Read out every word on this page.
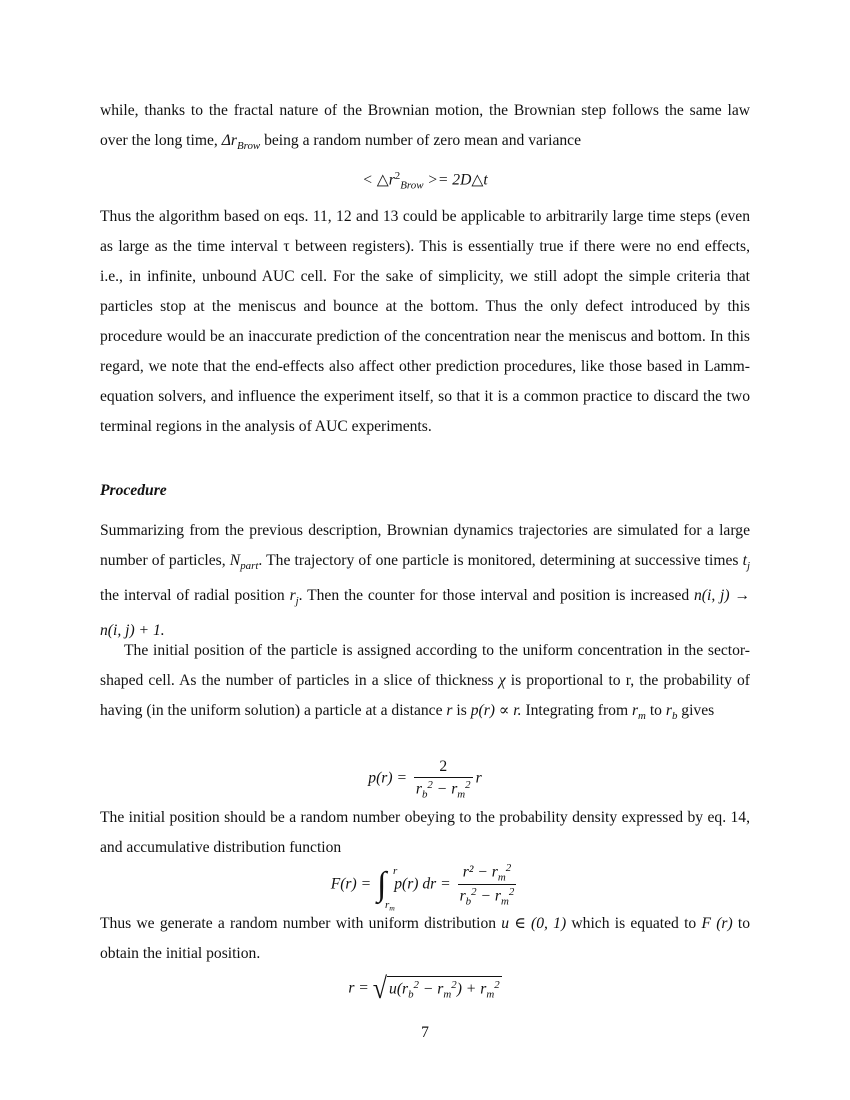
while, thanks to the fractal nature of the Brownian motion, the Brownian step follows the same law over the long time, $\Delta r_{Brow}$ being a random number of zero mean and variance

< $\triangle r^2_{Brow}$ >= 2D△t

Thus the algorithm based on eqs. 11, 12 and 13 could be applicable to arbitrarily large time steps (even as large as the time interval τ between registers). This is essentially true if there were no end effects, i.e., in infinite, unbound AUC cell. For the sake of simplicity, we still adopt the simple criteria that particles stop at the meniscus and bounce at the bottom. Thus the only defect introduced by this procedure would be an inaccurate prediction of the concentration near the meniscus and bottom. In this regard, we note that the end-effects also affect other prediction procedures, like those based in Lamm-equation solvers, and influence the experiment itself, so that it is a common practice to discard the two terminal regions in the analysis of AUC experiments.

Procedure

Summarizing from the previous description, Brownian dynamics trajectories are simulated for a large number of particles, $N_{part}$. The trajectory of one particle is monitored, determining at successive times $t_j$ the interval of radial position $r_j$. Then the counter for those interval and position is increased n(i, j) → n(i, j) + 1.

The initial position of the particle is assigned according to the uniform concentration in the sector-shaped cell. As the number of particles in a slice of thickness χ is proportional to r, the probability of having (in the uniform solution) a particle at a distance r is p(r) ∝ r. Integrating from $r_m$ to $r_b$ gives

$p(r) = \frac{2}{r_b^2 - r_m^2}$ r

The initial position should be a random number obeying to the probability density expressed by eq. 14, and accumulative distribution function

F(r) = ∫ r
$r_m$
p(r) dr = $\frac{r^2 - r_m^2}{r_b^2 - r_m^2}$

Thus we generate a random number with uniform distribution u ∈ (0, 1) which is equated to F (r) to obtain the initial position.

r = √ $u(r_b^2 - r_m^2) + r_m^2$
7
